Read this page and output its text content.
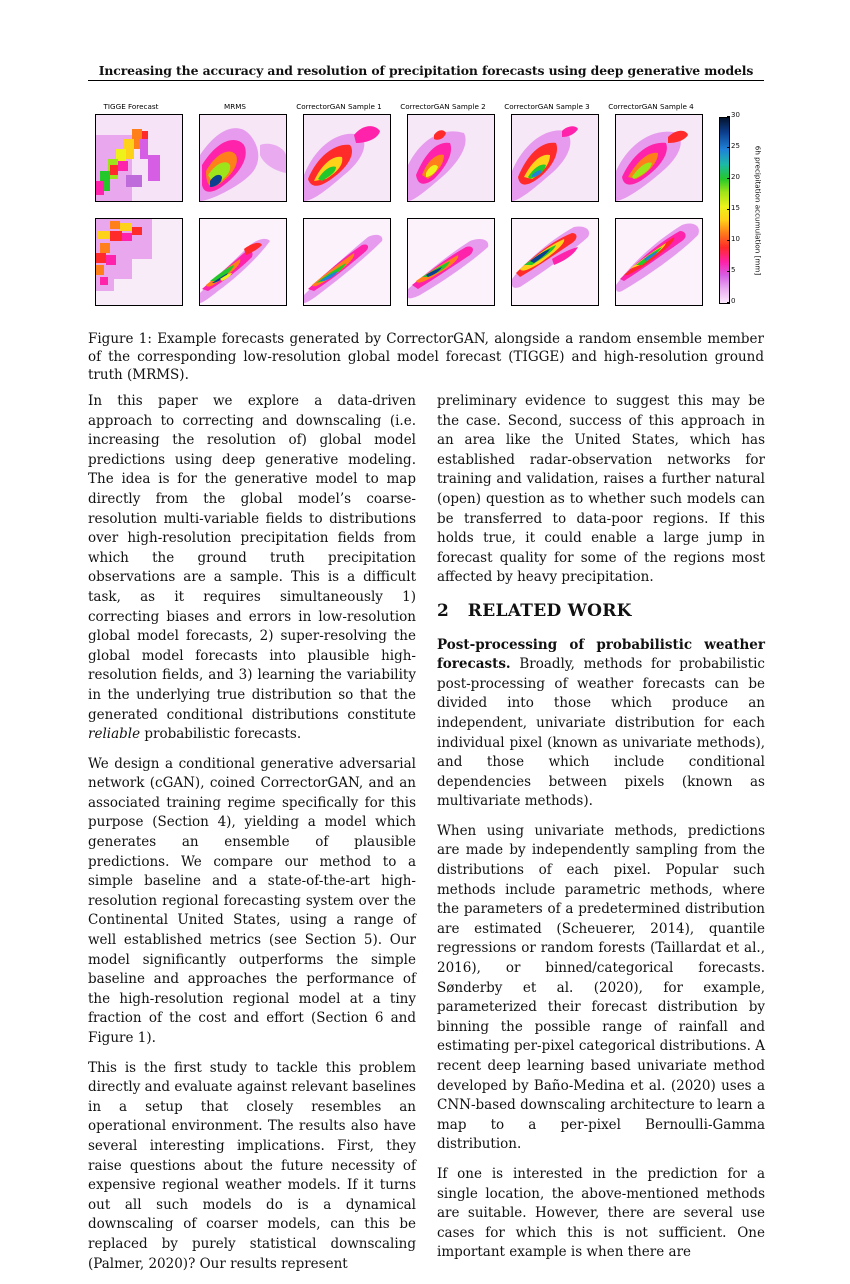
Increasing the accuracy and resolution of precipitation forecasts using deep generative models
TIGGE Forecast	MRMS	CorrectorGAN Sample 1	CorrectorGAN Sample 2	CorrectorGAN Sample 3	CorrectorGAN Sample 4
30
25
20
15
10
5
0
6h precipitation accumulation [mm]
Figure 1: Example forecasts generated by CorrectorGAN, alongside a random ensemble member of the corresponding low-resolution global model forecast (TIGGE) and high-resolution ground truth (MRMS).

In this paper we explore a data-driven approach to correcting and downscaling (i.e. increasing the resolution of) global model predictions using deep generative modeling. The idea is for the generative model to map directly from the global model’s coarse-resolution multi-variable fields to distributions over high-resolution precipitation fields from which the ground truth precipitation observations are a sample. This is a difficult task, as it requires simultaneously 1) correcting biases and errors in low-resolution global model forecasts, 2) super-resolving the global model forecasts into plausible high-resolution fields, and 3) learning the variability in the underlying true distribution so that the generated conditional distributions constitute reliable probabilistic forecasts.

We design a conditional generative adversarial network (cGAN), coined CorrectorGAN, and an associated training regime specifically for this purpose (Section 4), yielding a model which generates an ensemble of plausible predictions. We compare our method to a simple baseline and a state-of-the-art high-resolution regional forecasting system over the Continental United States, using a range of well established metrics (see Section 5). Our model significantly outperforms the simple baseline and approaches the performance of the high-resolution regional model at a tiny fraction of the cost and effort (Section 6 and Figure 1).

This is the first study to tackle this problem directly and evaluate against relevant baselines in a setup that closely resembles an operational environment. The results also have several interesting implications. First, they raise questions about the future necessity of expensive regional weather models. If it turns out all such models do is a dynamical downscaling of coarser models, can this be replaced by purely statistical downscaling (Palmer, 2020)? Our results represent

preliminary evidence to suggest this may be the case. Second, success of this approach in an area like the United States, which has established radar-observation networks for training and validation, raises a further natural (open) question as to whether such models can be transferred to data-poor regions. If this holds true, it could enable a large jump in forecast quality for some of the regions most affected by heavy precipitation.

2   RELATED WORK

Post-processing of probabilistic weather forecasts. Broadly, methods for probabilistic post-processing of weather forecasts can be divided into those which produce an independent, univariate distribution for each individual pixel (known as univariate methods), and those which include conditional dependencies between pixels (known as multivariate methods).

When using univariate methods, predictions are made by independently sampling from the distributions of each pixel. Popular such methods include parametric methods, where the parameters of a predetermined distribution are estimated (Scheuerer, 2014), quantile regressions or random forests (Taillardat et al., 2016), or binned/categorical forecasts. Sønderby et al. (2020), for example, parameterized their forecast distribution by binning the possible range of rainfall and estimating per-pixel categorical distributions. A recent deep learning based univariate method developed by Baño-Medina et al. (2020) uses a CNN-based downscaling architecture to learn a map to a per-pixel Bernoulli-Gamma distribution.

If one is interested in the prediction for a single location, the above-mentioned methods are suitable. However, there are several use cases for which this is not sufficient. One important example is when there are
